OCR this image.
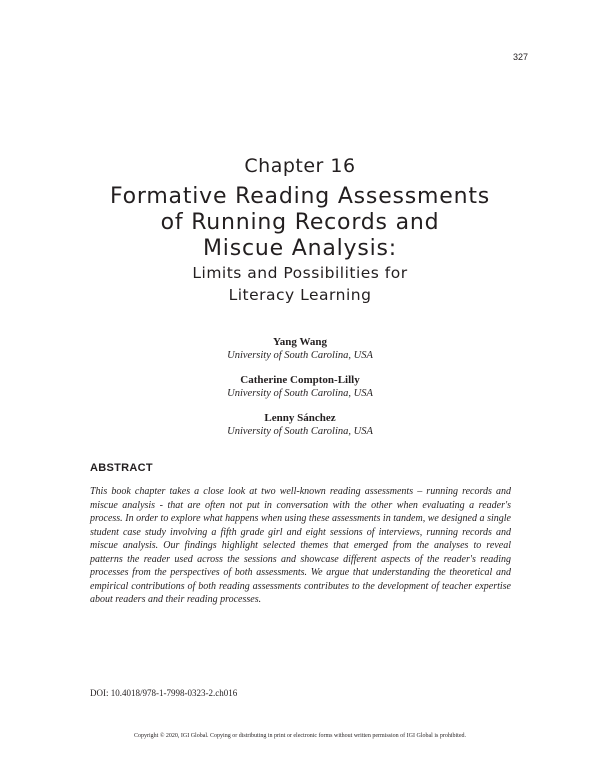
327
Chapter 16
Formative Reading Assessments
of Running Records and
Miscue Analysis:
Limits and Possibilities for
Literacy Learning
Yang Wang
University of South Carolina, USA
Catherine Compton-Lilly
University of South Carolina, USA
Lenny Sánchez
University of South Carolina, USA
ABSTRACT

This book chapter takes a close look at two well-known reading assessments – running records and miscue analysis - that are often not put in conversation with the other when evaluating a reader's process. In order to explore what happens when using these assessments in tandem, we designed a single student case study involving a fifth grade girl and eight sessions of interviews, running records and miscue analysis. Our findings highlight selected themes that emerged from the analyses to reveal patterns the reader used across the sessions and showcase different aspects of the reader's reading processes from the perspectives of both assessments. We argue that understanding the theoretical and empirical contributions of both reading assessments contributes to the development of teacher expertise about readers and their reading processes.

DOI: 10.4018/978-1-7998-0323-2.ch016
Copyright © 2020, IGI Global. Copying or distributing in print or electronic forms without written permission of IGI Global is prohibited.
